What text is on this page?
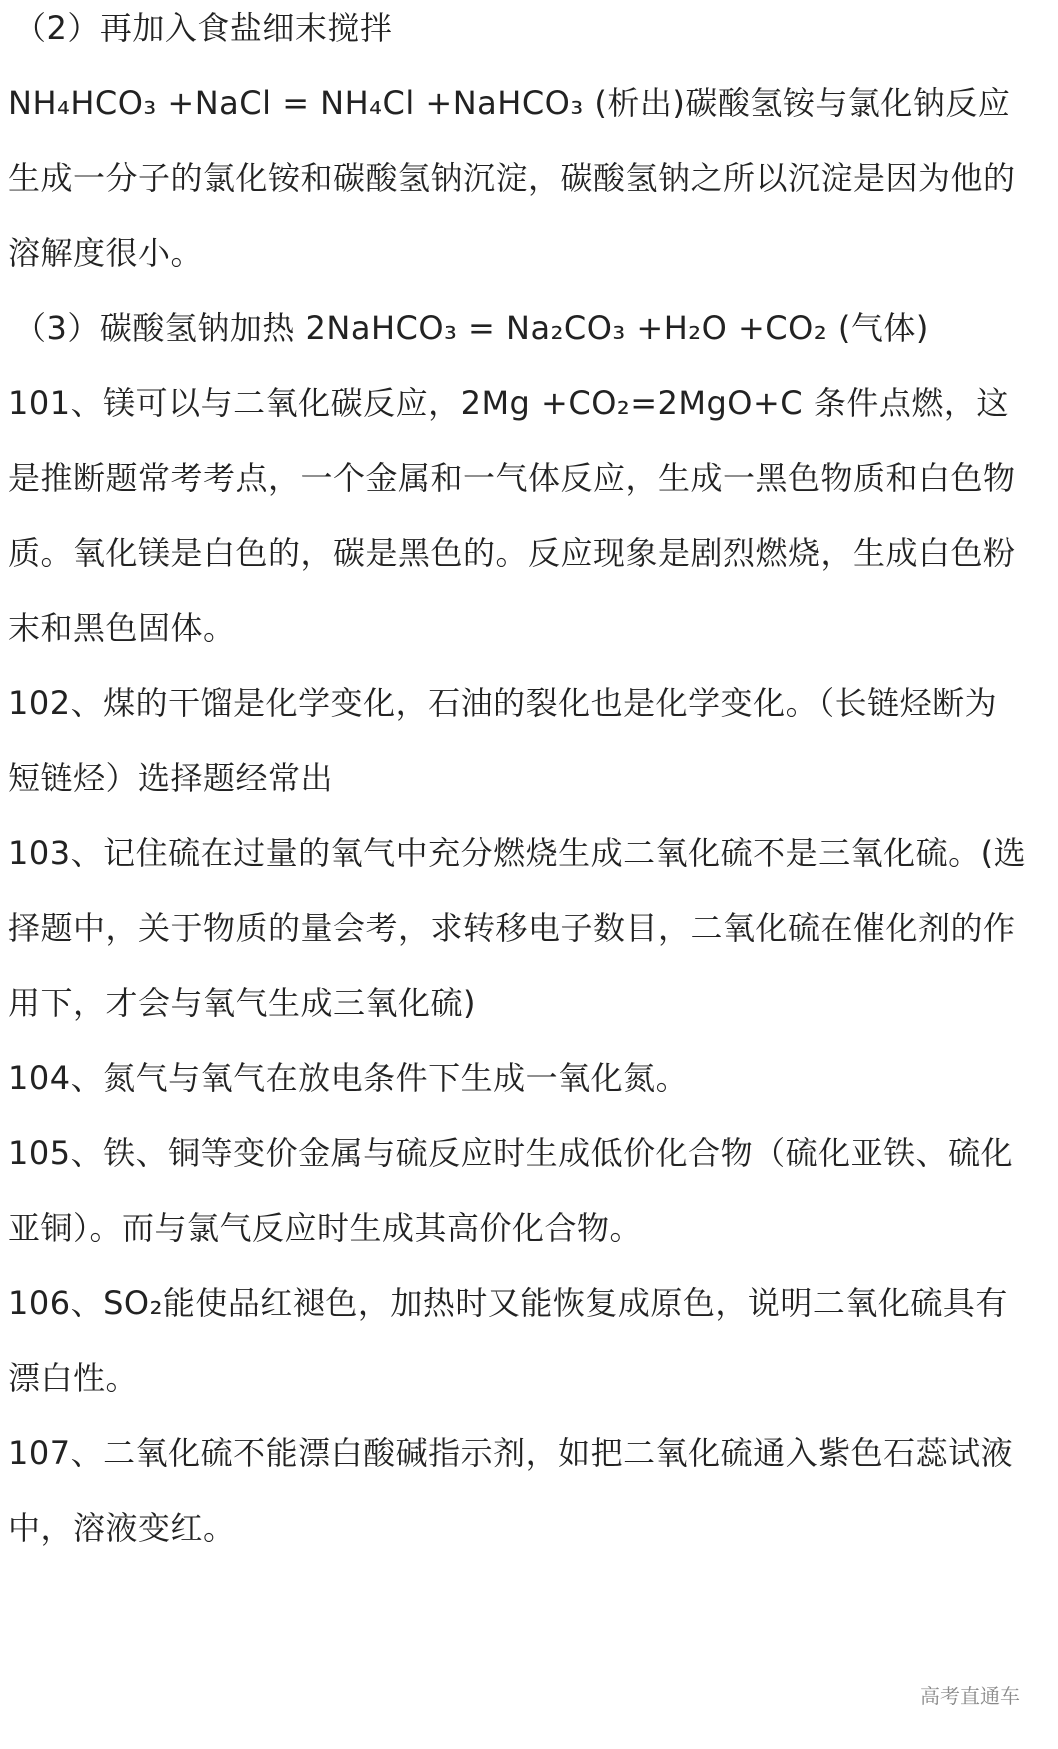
（2）再加入食盐细末搅拌
NH₄HCO₃ +NaCl = NH₄Cl +NaHCO₃ (析出)碳酸氢铵与氯化钠反应
生成一分子的氯化铵和碳酸氢钠沉淀，碳酸氢钠之所以沉淀是因为他的
溶解度很小。
（3）碳酸氢钠加热 2NaHCO₃ = Na₂CO₃ +H₂O +CO₂ (气体)
101、镁可以与二氧化碳反应，2Mg +CO₂=2MgO+C 条件点燃，这
是推断题常考考点，一个金属和一气体反应，生成一黑色物质和白色物
质。氧化镁是白色的，碳是黑色的。反应现象是剧烈燃烧，生成白色粉
末和黑色固体。
102、煤的干馏是化学变化，石油的裂化也是化学变化。（长链烃断为
短链烃）选择题经常出
103、记住硫在过量的氧气中充分燃烧生成二氧化硫不是三氧化硫。(选
择题中，关于物质的量会考，求转移电子数目，二氧化硫在催化剂的作
用下，才会与氧气生成三氧化硫)
104、氮气与氧气在放电条件下生成一氧化氮。
105、铁、铜等变价金属与硫反应时生成低价化合物（硫化亚铁、硫化
亚铜）。而与氯气反应时生成其高价化合物。
106、SO₂能使品红褪色，加热时又能恢复成原色，说明二氧化硫具有
漂白性。
107、二氧化硫不能漂白酸碱指示剂，如把二氧化硫通入紫色石蕊试液
中，溶液变红。
高考直通车
